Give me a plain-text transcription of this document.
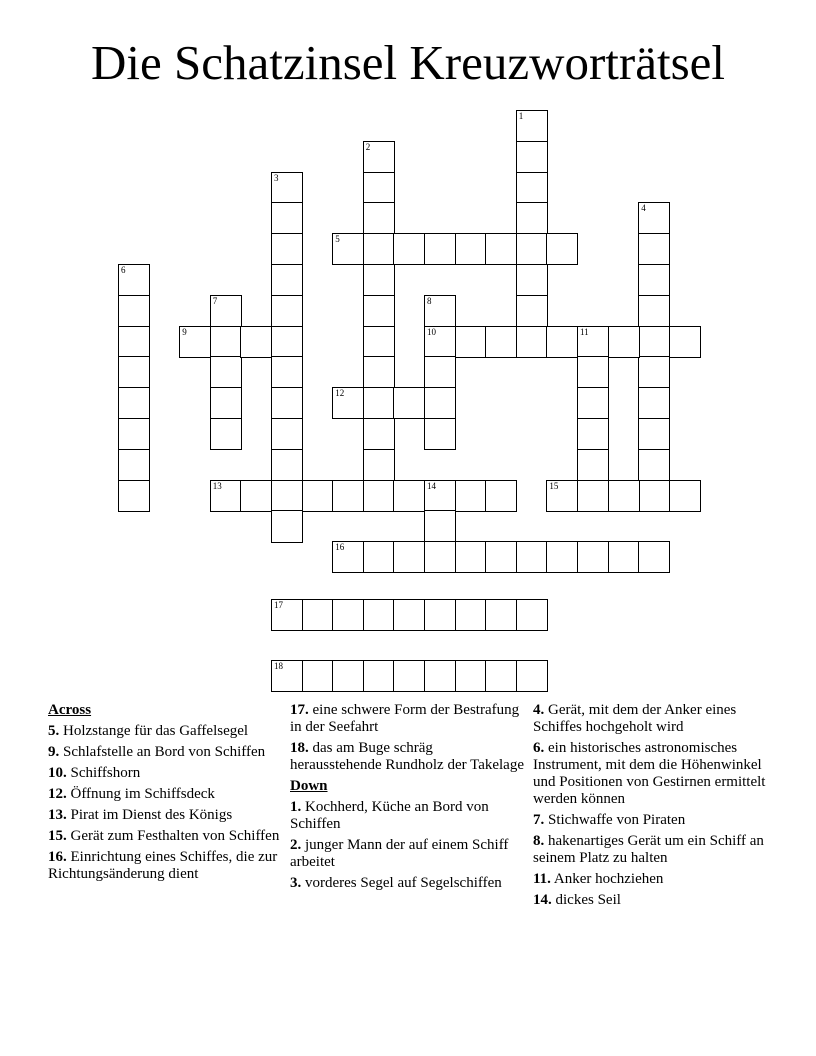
Die Schatzinsel Kreuzworträtsel
1
2
3
4
5
6
7	8
10
9	11
12
13	14	15
16
17
18
Across
5. Holzstange für das Gaffelsegel
9. Schlafstelle an Bord von Schiffen
10. Schiffshorn
12. Öffnung im Schiffsdeck
13. Pirat im Dienst des Königs
15. Gerät zum Festhalten von Schiffen
16. Einrichtung eines Schiffes, die zur Richtungsänderung dient
17. eine schwere Form der Bestrafung in der Seefahrt
18. das am Buge schräg herausstehende Rundholz der Takelage
Down
1. Kochherd, Küche an Bord von Schiffen
2. junger Mann der auf einem Schiff arbeitet
3. vorderes Segel auf Segelschiffen
4. Gerät, mit dem der Anker eines Schiffes hochgeholt wird
6. ein historisches astronomisches Instrument, mit dem die Höhenwinkel und Positionen von Gestirnen ermittelt werden können
7. Stichwaffe von Piraten
8. hakenartiges Gerät um ein Schiff an seinem Platz zu halten
11. Anker hochziehen
14. dickes Seil
